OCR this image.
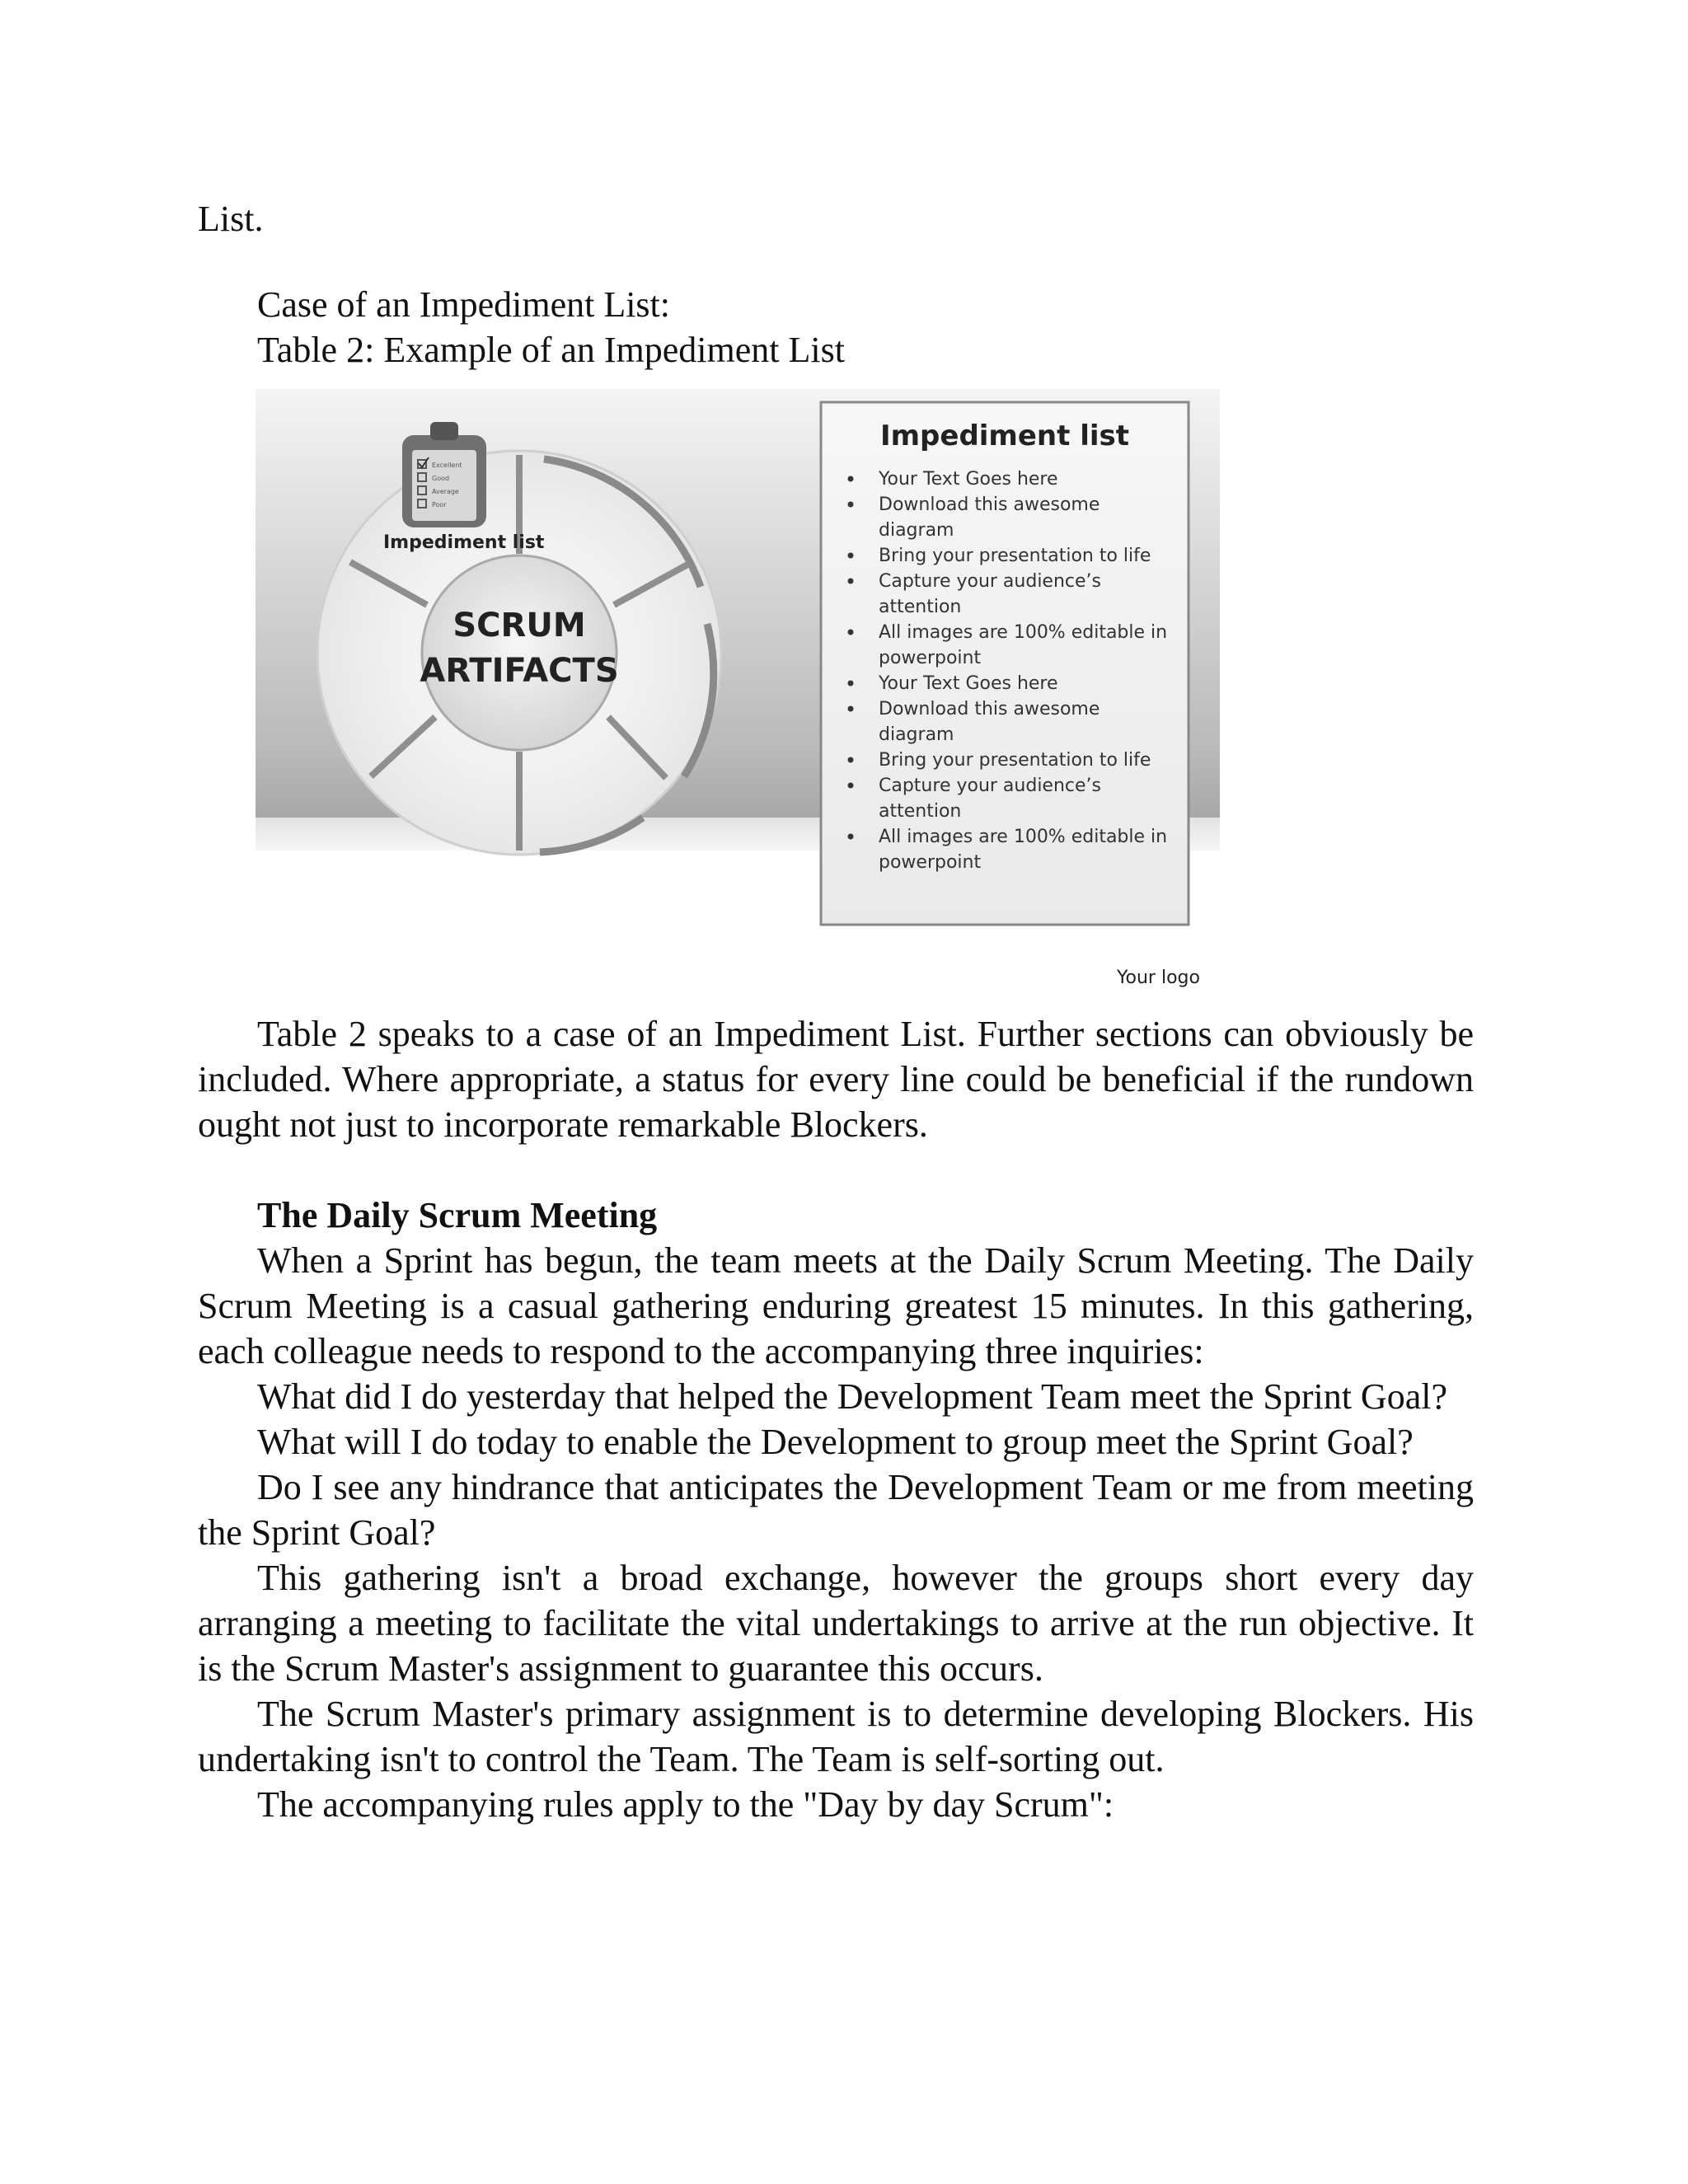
List.

Case of an Impediment List:

Table 2: Example of an Impediment List

SCRUM
ARTIFACTS
Excellent
Good
Average
Poor
Impediment list
Impediment list
Your Text Goes here
Download this awesome
diagram
Bring your presentation to life
Capture your audience’s
attention
All images are 100% editable in
powerpoint
Your Text Goes here
Download this awesome
diagram
Bring your presentation to life
Capture your audience’s
attention
All images are 100% editable in
powerpoint
Your logo

Table 2 speaks to a case of an Impediment List. Further sections can obviously be included. Where appropriate, a status for every line could be beneficial if the rundown ought not just to incorporate remarkable Blockers.

The Daily Scrum Meeting

When a Sprint has begun, the team meets at the Daily Scrum Meeting. The Daily Scrum Meeting is a casual gathering enduring greatest 15 minutes. In this gathering, each colleague needs to respond to the accompanying three inquiries:

What did I do yesterday that helped the Development Team meet the Sprint Goal?

What will I do today to enable the Development to group meet the Sprint Goal?

Do I see any hindrance that anticipates the Development Team or me from meeting the Sprint Goal?

This gathering isn't a broad exchange, however the groups short every day arranging a meeting to facilitate the vital undertakings to arrive at the run objective. It is the Scrum Master's assignment to guarantee this occurs.

The Scrum Master's primary assignment is to determine developing Blockers. His undertaking isn't to control the Team. The Team is self-sorting out.

The accompanying rules apply to the "Day by day Scrum":
